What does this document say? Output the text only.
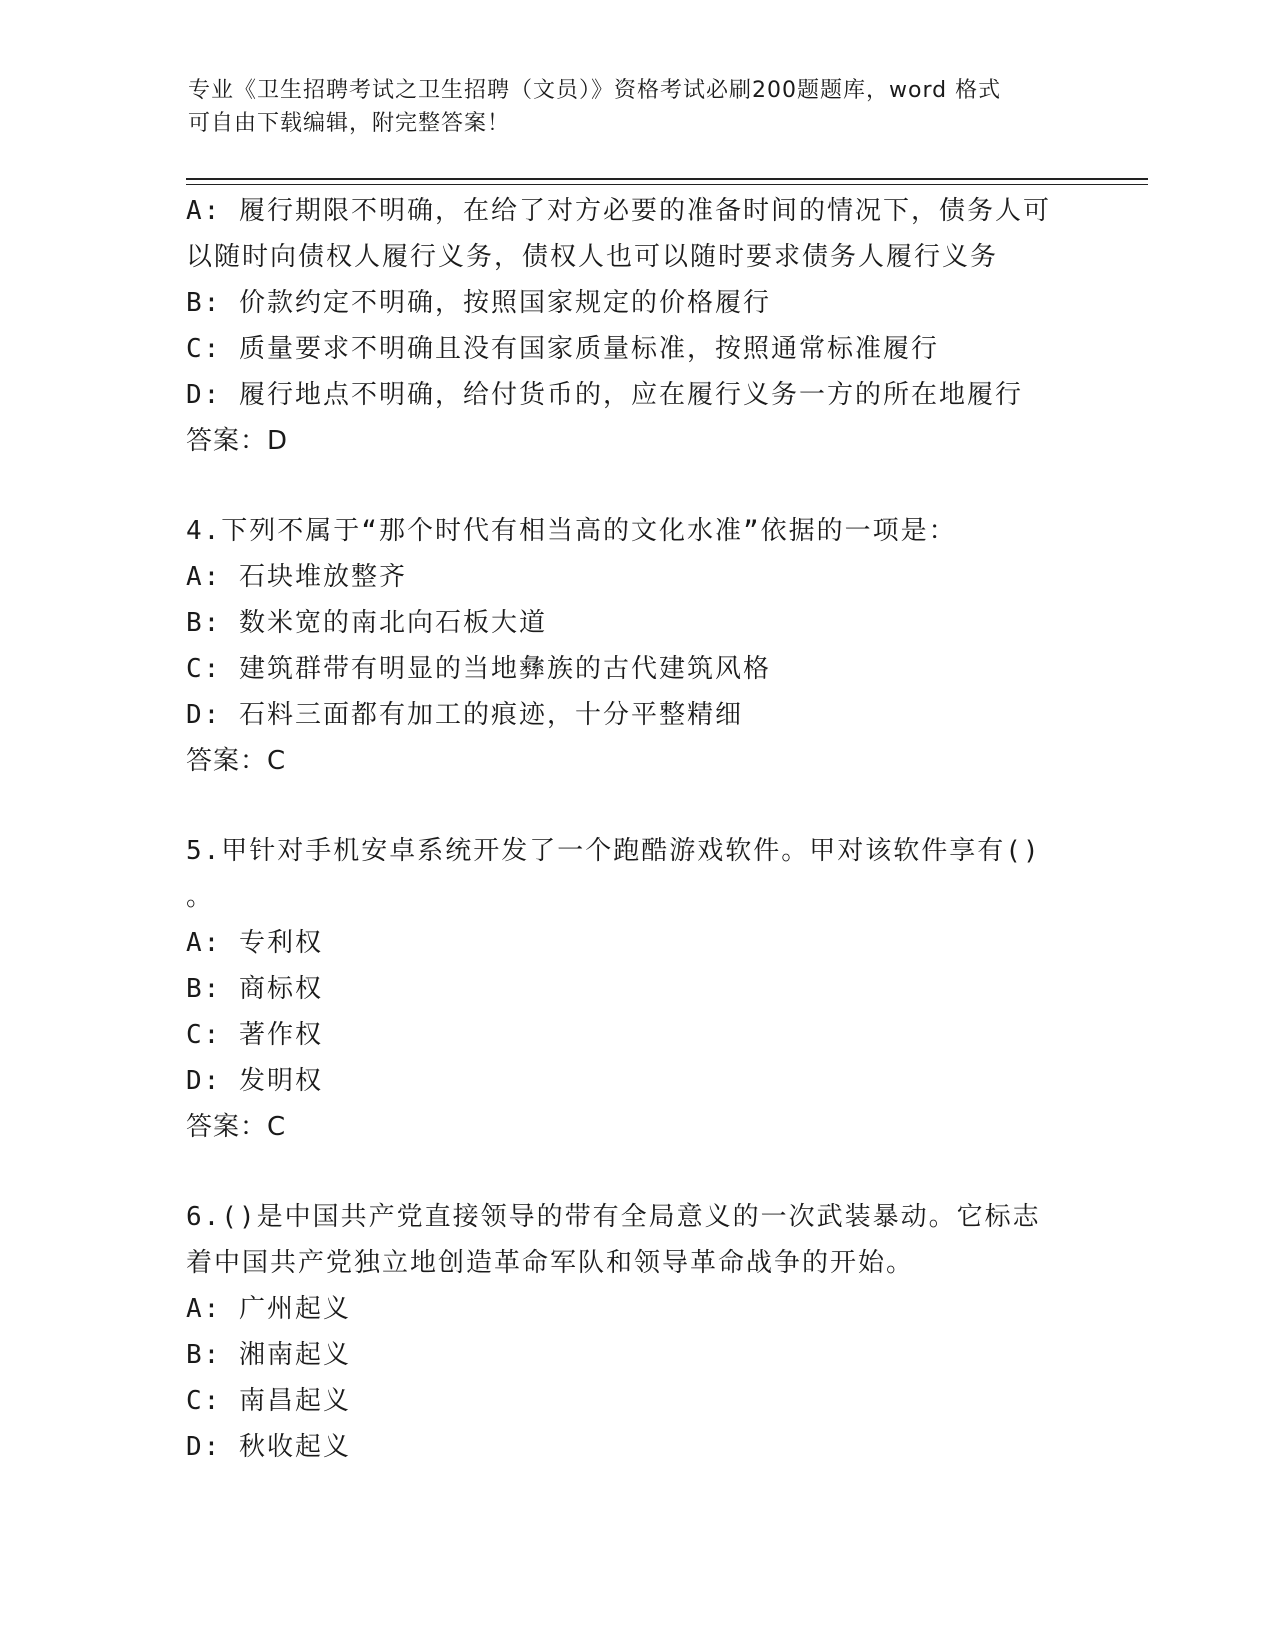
专业《卫生招聘考试之卫生招聘（文员）》资格考试必刷200题题库，word 格式
可自由下载编辑，附完整答案！
A: 履行期限不明确，在给了对方必要的准备时间的情况下，债务人可
以随时向债权人履行义务，债权人也可以随时要求债务人履行义务
B: 价款约定不明确，按照国家规定的价格履行
C: 质量要求不明确且没有国家质量标准，按照通常标准履行
D: 履行地点不明确，给付货币的，应在履行义务一方的所在地履行
答案：D
4.下列不属于“那个时代有相当高的文化水准”依据的一项是：
A: 石块堆放整齐
B: 数米宽的南北向石板大道
C: 建筑群带有明显的当地彝族的古代建筑风格
D: 石料三面都有加工的痕迹，十分平整精细
答案：C
5.甲针对手机安卓系统开发了一个跑酷游戏软件。甲对该软件享有()
。
A: 专利权
B: 商标权
C: 著作权
D: 发明权
答案：C
6.()是中国共产党直接领导的带有全局意义的一次武装暴动。它标志
着中国共产党独立地创造革命军队和领导革命战争的开始。
A: 广州起义
B: 湘南起义
C: 南昌起义
D: 秋收起义
